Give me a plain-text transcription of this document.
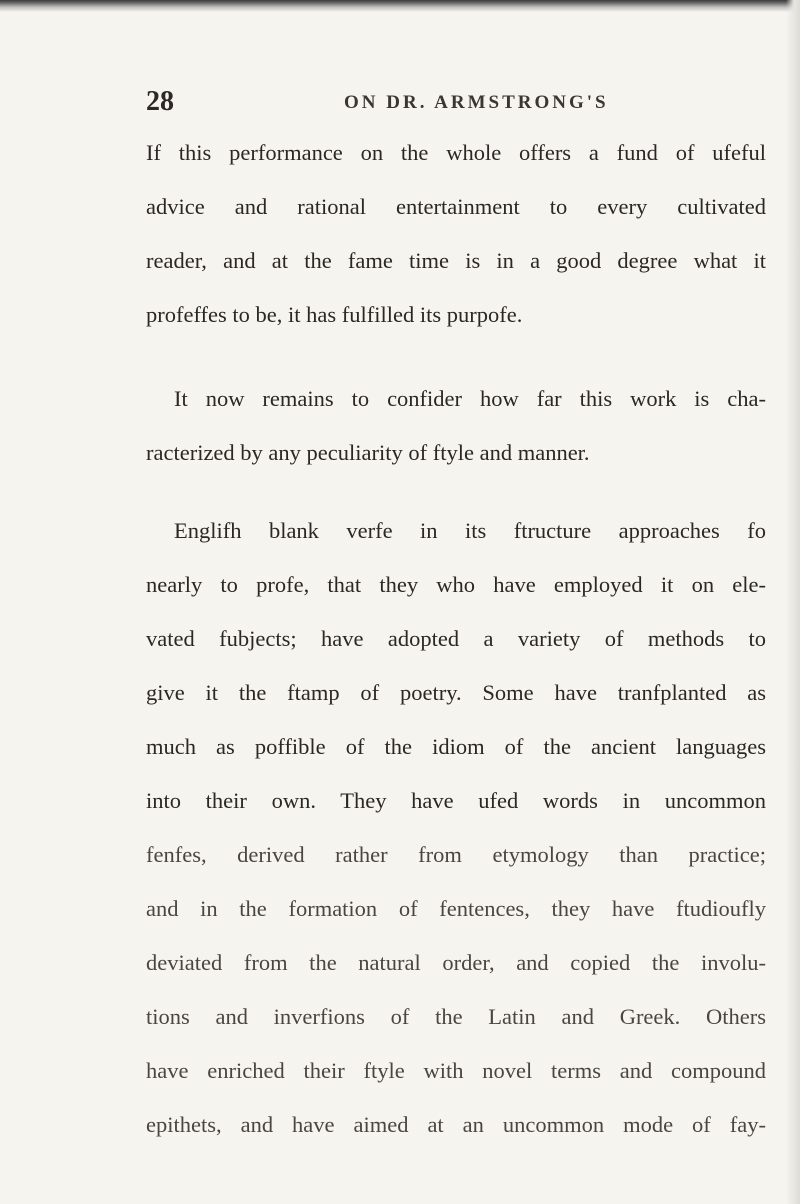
28	ON DR. ARMSTRONG'S
If this performance on the whole offers a fund of ufeful
advice and rational entertainment to every cultivated
reader, and at the fame time is in a good degree what it
profeffes to be, it has fulfilled its purpofe.
It now remains to confider how far this work is cha-
racterized by any peculiarity of ftyle and manner.
Englifh blank verfe in its ftructure approaches fo
nearly to profe, that they who have employed it on ele-
vated fubjects; have adopted a variety of methods to
give it the ftamp of poetry. Some have tranfplanted as
much as poffible of the idiom of the ancient languages
into their own. They have ufed words in uncommon
fenfes, derived rather from etymology than practice;
and in the formation of fentences, they have ftudioufly
deviated from the natural order, and copied the involu-
tions and inverfions of the Latin and Greek. Others
have enriched their ftyle with novel terms and compound
epithets, and have aimed at an uncommon mode of fay-
